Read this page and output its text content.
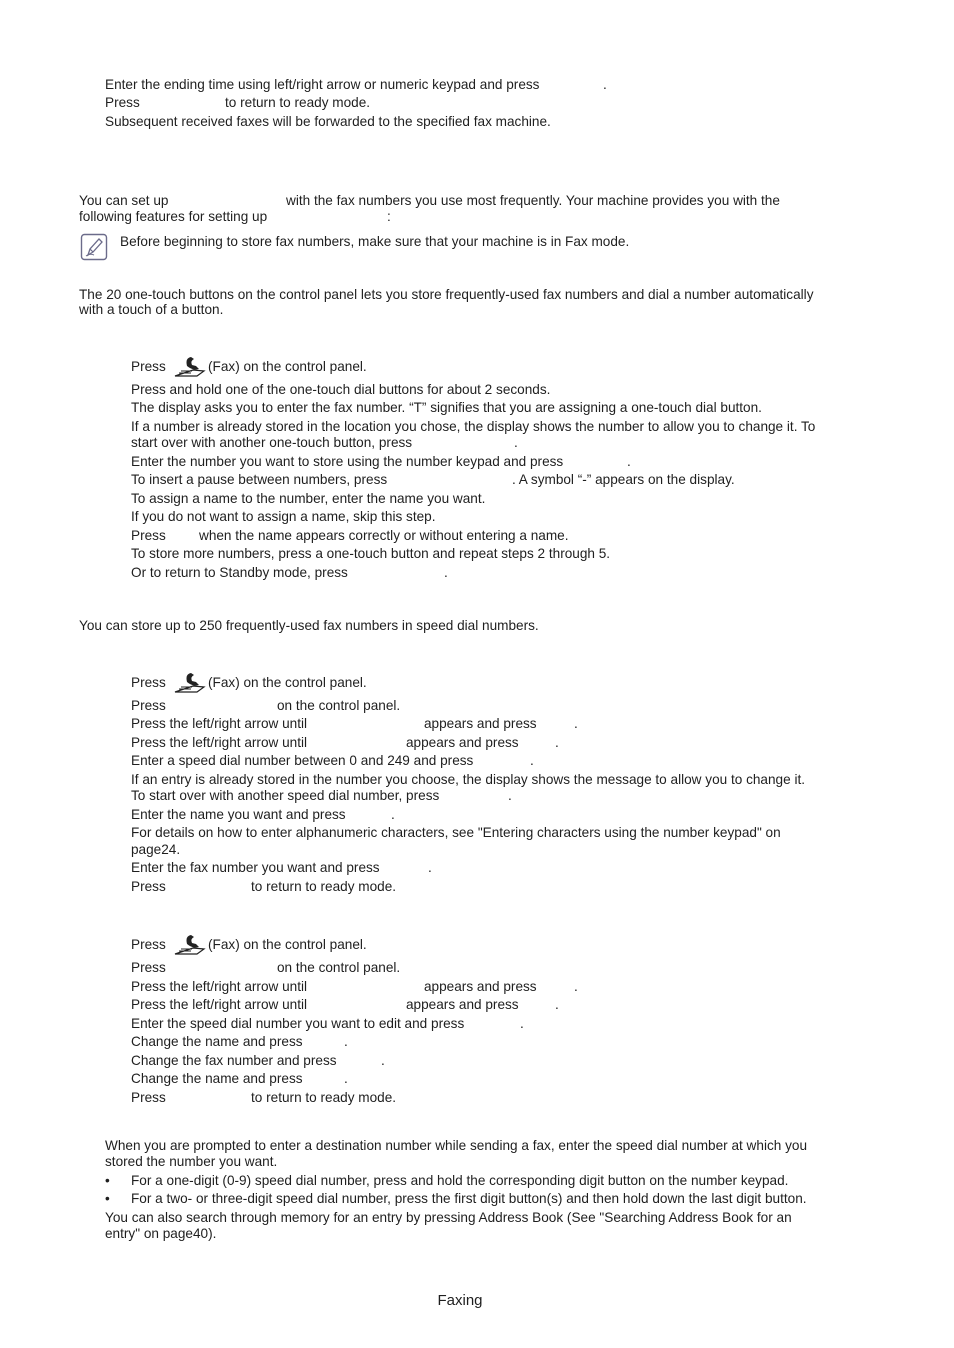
Enter the ending time using left/right arrow or numeric keypad and press	.
Press	to return to ready mode.
Subsequent received faxes will be forwarded to the specified fax machine.
You can set up	with the fax numbers you use most frequently. Your machine provides you with the
following features for setting up	:
Before beginning to store fax numbers, make sure that your machine is in Fax mode.
The 20 one-touch buttons on the control panel lets you store frequently-used fax numbers and dial a number automatically
with a touch of a button.
Press	(Fax) on the control panel.
Press and hold one of the one-touch dial buttons for about 2 seconds.
The display asks you to enter the fax number. “T” signifies that you are assigning a one-touch dial button.
If a number is already stored in the location you chose, the display shows the number to allow you to change it. To
start over with another one-touch button, press	.
Enter the number you want to store using the number keypad and press	.
To insert a pause between numbers, press	. A symbol “-” appears on the display.
To assign a name to the number, enter the name you want.
If you do not want to assign a name, skip this step.
Press when the name appears correctly or without entering a name.
To store more numbers, press a one-touch button and repeat steps 2 through 5.
Or to return to Standby mode, press	.
You can store up to 250 frequently-used fax numbers in speed dial numbers.
Press	(Fax) on the control panel.
Press	on the control panel.
Press the left/right arrow until	appears and press	.
Press the left/right arrow until	appears and press	.
Enter a speed dial number between 0 and 249 and press	.
If an entry is already stored in the number you choose, the display shows the message to allow you to change it.
To start over with another speed dial number, press	.
Enter the name you want and press	.
For details on how to enter alphanumeric characters, see "Entering characters using the number keypad" on
page24.
Enter the fax number you want and press	.
Press	to return to ready mode.
Press	(Fax) on the control panel.
Press	on the control panel.
Press the left/right arrow until	appears and press	.
Press the left/right arrow until	appears and press	.
Enter the speed dial number you want to edit and press	.
Change the name and press	.
Change the fax number and press	.
Change the name and press	.
Press	to return to ready mode.
When you are prompted to enter a destination number while sending a fax, enter the speed dial number at which you
stored the number you want.
• For a one-digit (0-9) speed dial number, press and hold the corresponding digit button on the number keypad.
• For a two- or three-digit speed dial number, press the first digit button(s) and then hold down the last digit button.
You can also search through memory for an entry by pressing Address Book (See "Searching Address Book for an
entry" on page40).
Faxing
